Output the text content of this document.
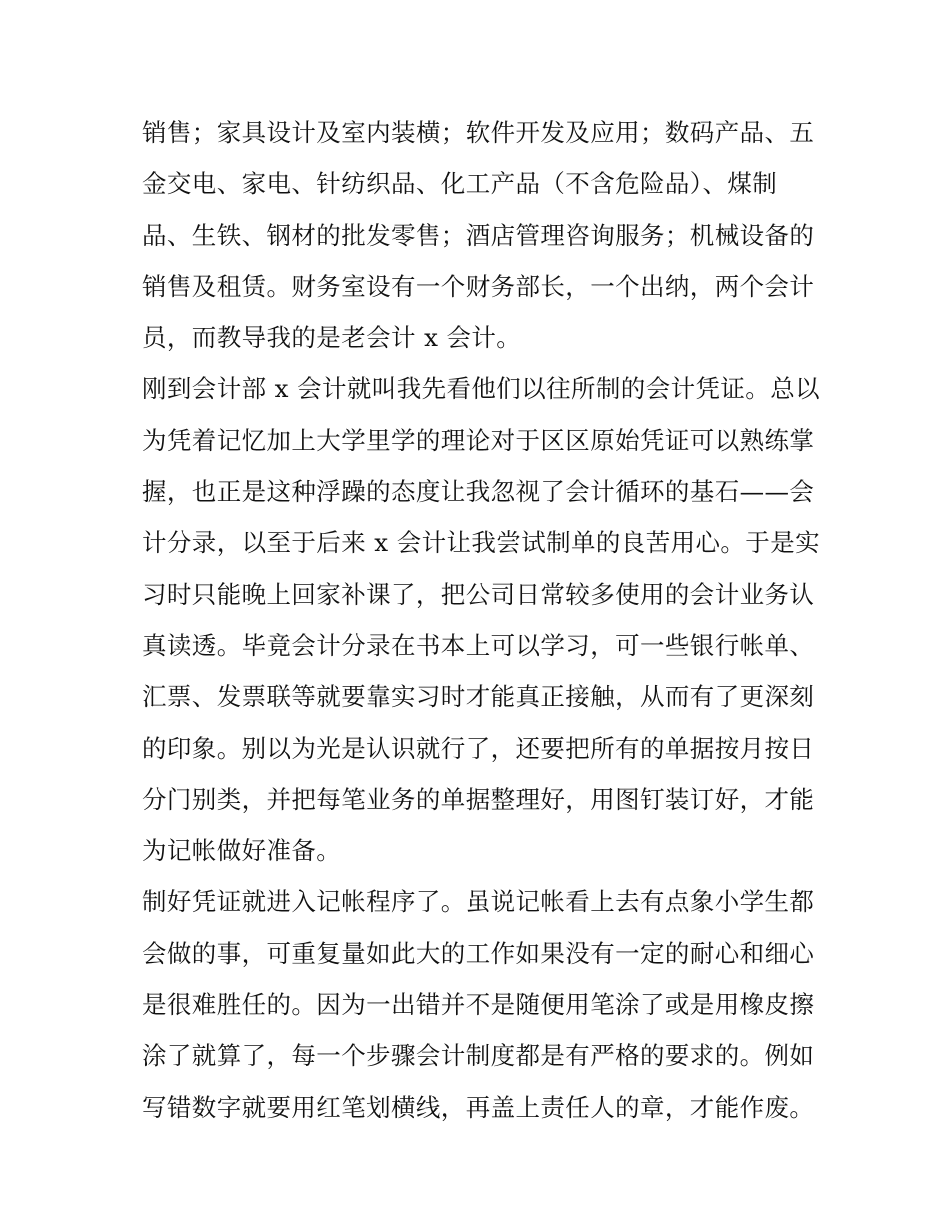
销售；家具设计及室内装横；软件开发及应用；数码产品、五
金交电、家电、针纺织品、化工产品（不含危险品）、煤制
品、生铁、钢材的批发零售；酒店管理咨询服务；机械设备的
销售及租赁。财务室设有一个财务部长，一个出纳，两个会计
员，而教导我的是老会计 x 会计。
刚到会计部 x 会计就叫我先看他们以往所制的会计凭证。总以
为凭着记忆加上大学里学的理论对于区区原始凭证可以熟练掌
握，也正是这种浮躁的态度让我忽视了会计循环的基石——会
计分录，以至于后来 x 会计让我尝试制单的良苦用心。于是实
习时只能晚上回家补课了，把公司日常较多使用的会计业务认
真读透。毕竟会计分录在书本上可以学习，可一些银行帐单、
汇票、发票联等就要靠实习时才能真正接触，从而有了更深刻
的印象。别以为光是认识就行了，还要把所有的单据按月按日
分门别类，并把每笔业务的单据整理好，用图钉装订好，才能
为记帐做好准备。
制好凭证就进入记帐程序了。虽说记帐看上去有点象小学生都
会做的事，可重复量如此大的工作如果没有一定的耐心和细心
是很难胜任的。因为一出错并不是随便用笔涂了或是用橡皮擦
涂了就算了，每一个步骤会计制度都是有严格的要求的。例如
写错数字就要用红笔划横线，再盖上责任人的章，才能作废。
